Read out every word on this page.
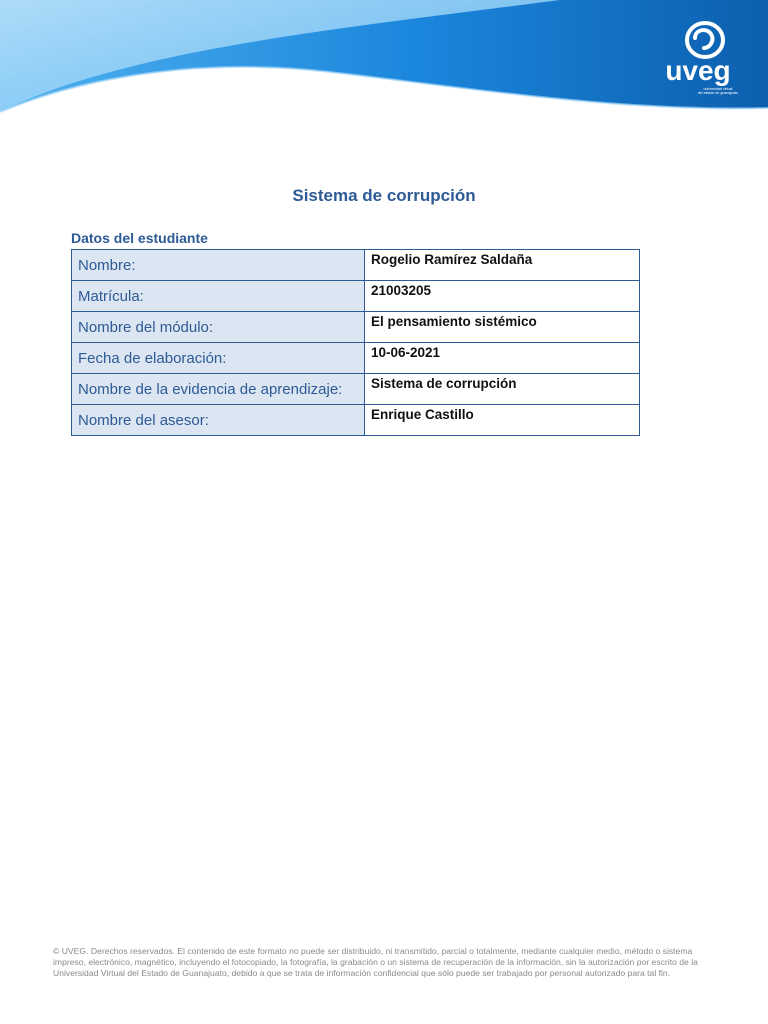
uveg
universidad virtual
del estado de guanajuato
Sistema de corrupción
Datos del estudiante
Nombre:	Rogelio Ramírez Saldaña
Matrícula:	21003205
Nombre del módulo:	El pensamiento sistémico
Fecha de elaboración:	10-06-2021
Nombre de la evidencia de aprendizaje:	Sistema de corrupción
Nombre del asesor:	Enrique Castillo
© UVEG. Derechos reservados. El contenido de este formato no puede ser distribuido, ni transmitido, parcial o totalmente, mediante cualquier medio, método o sistema impreso, electrónico, magnético, incluyendo el fotocopiado, la fotografía, la grabación o un sistema de recuperación de la información, sin la autorización por escrito de la Universidad Virtual del Estado de Guanajuato, debido a que se trata de información confidencial que sólo puede ser trabajado por personal autorizado para tal fin.
